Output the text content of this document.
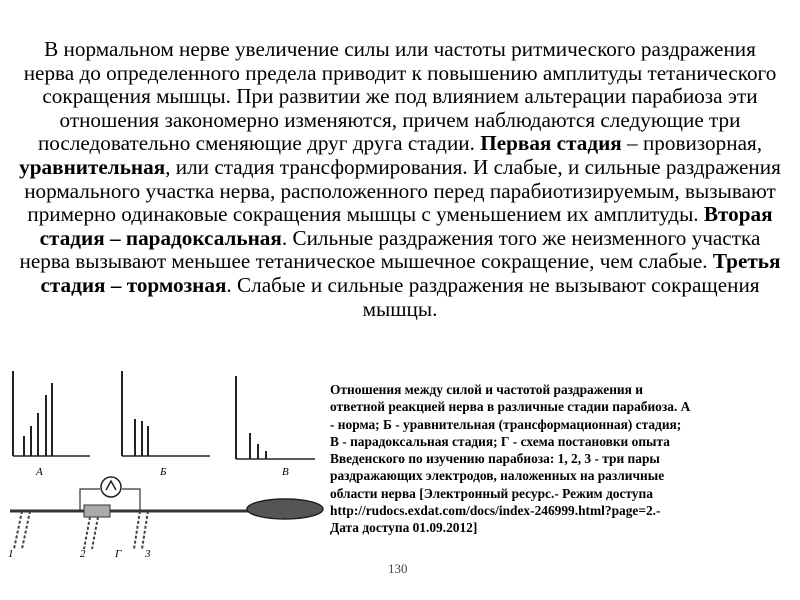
В нормальном нерве увеличение силы или частоты ритмического раздражения нерва до определенного предела приводит к повышению амплитуды тетанического сокращения мышцы. При развитии же под влиянием альтерации парабиоза эти отношения закономерно изменяются, причем наблюдаются следующие три последовательно сменяющие друг друга стадии. Первая стадия – провизорная, уравнительная, или стадия трансформирования. И слабые, и сильные раздражения нормального участка нерва, расположенного перед парабиотизируемым, вызывают примерно одинаковые сокращения мышцы с уменьшением их амплитуды. Вторая стадия – парадоксальная. Сильные раздражения того же неизменного участка нерва вызывают меньшее тетаническое мышечное сокращение, чем слабые. Третья стадия – тормозная. Слабые и сильные раздражения не вызывают сокращения мышцы.
А	Б	В
1	2	3
Г
Отношения между силой и частотой раздражения и
ответной реакцией нерва в различные стадии парабиоза. А
- норма; Б - уравнительная (трансформационная) стадия;
В - парадоксальная стадия; Г - схема постановки опыта
Введенского по изучению парабиоза: 1, 2, 3 - три пары
раздражающих электродов, наложенных на различные
области нерва [Электронный ресурс.- Режим доступа
http://rudocs.exdat.com/docs/index-246999.html?page=2.-
Дата доступа 01.09.2012]
130
